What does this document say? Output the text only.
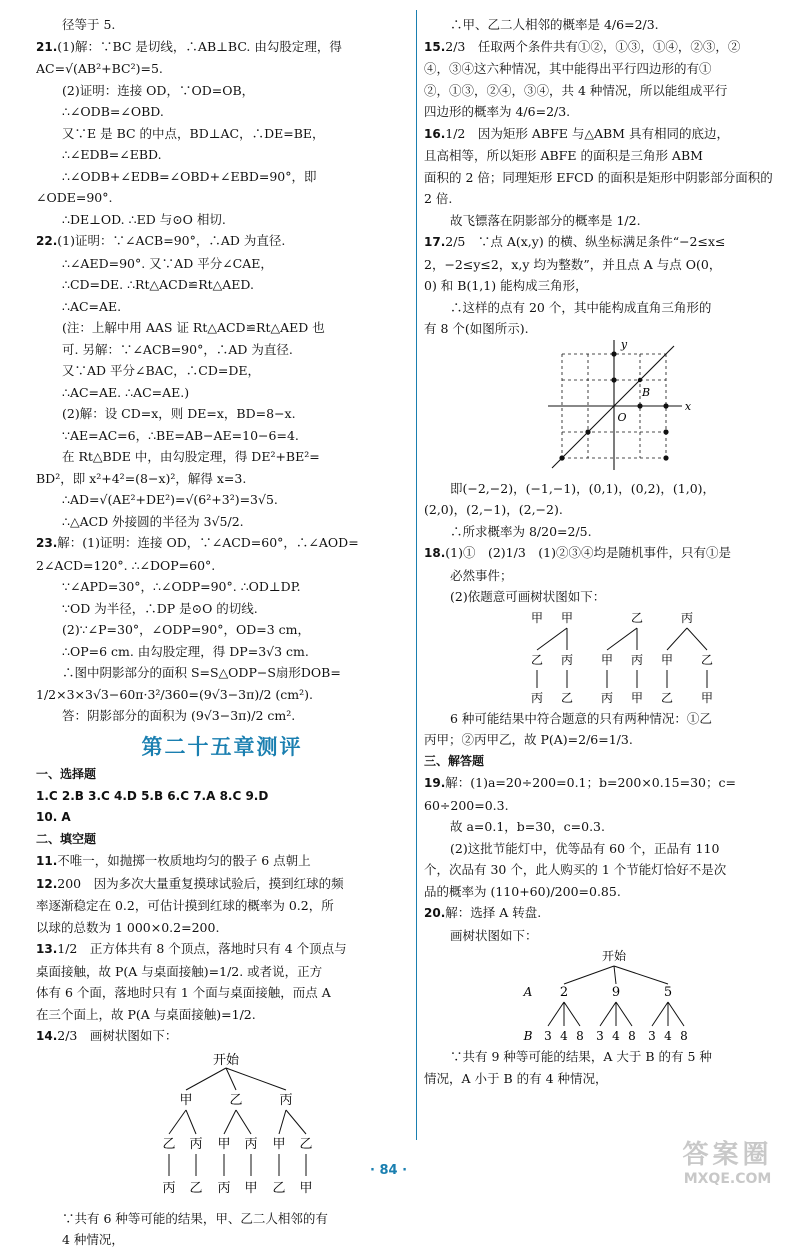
径等于 5.
21.(1)解：∵BC 是切线，∴AB⊥BC. 由勾股定理，得
AC=√(AB²+BC²)=5.
(2)证明：连接 OD，∵OD=OB，
∴∠ODB=∠OBD.
又∵E 是 BC 的中点，BD⊥AC，∴DE=BE，
∴∠EDB=∠EBD.
∴∠ODB+∠EDB=∠OBD+∠EBD=90°，即
∠ODE=90°.
∴DE⊥OD. ∴ED 与⊙O 相切.
22.(1)证明：∵∠ACB=90°，∴AD 为直径.
∴∠AED=90°. 又∵AD 平分∠CAE，
∴CD=DE. ∴Rt△ACD≌Rt△AED.
∴AC=AE.
(注：上解中用 AAS 证 Rt△ACD≌Rt△AED 也
可. 另解：∵∠ACB=90°，∴AD 为直径.
又∵AD 平分∠BAC，∴CD=DE，
∴AC=AE. ∴AC=AE.)
(2)解：设 CD=x，则 DE=x，BD=8−x.
∵AE=AC=6，∴BE=AB−AE=10−6=4.
在 Rt△BDE 中，由勾股定理，得 DE²+BE²=
BD²，即 x²+4²=(8−x)²，解得 x=3.
∴AD=√(AE²+DE²)=√(6²+3²)=3√5.
∴△ACD 外接圆的半径为 3√5/2.
23.解：(1)证明：连接 OD，∵∠ACD=60°，∴∠AOD=
2∠ACD=120°. ∴∠DOP=60°.
∵∠APD=30°，∴∠ODP=90°. ∴OD⊥DP.
∵OD 为半径，∴DP 是⊙O 的切线.
(2)∵∠P=30°，∠ODP=90°，OD=3 cm，
∴OP=6 cm. 由勾股定理，得 DP=3√3 cm.
∴图中阴影部分的面积 S=S△ODP−S扇形DOB=
1/2×3×3√3−60π·3²/360=(9√3−3π)/2 (cm²).
答：阴影部分的面积为 (9√3−3π)/2 cm².
第二十五章测评
一、选择题
1.C 2.B 3.C 4.D 5.B 6.C 7.A 8.C 9.D
10. A
二、填空题
11.不唯一，如抛掷一枚质地均匀的骰子 6 点朝上
12.200　因为多次大量重复摸球试验后，摸到红球的频
率逐渐稳定在 0.2，可估计摸到红球的概率为 0.2，所
以球的总数为 1 000×0.2=200.
13.1/2　正方体共有 8 个顶点，落地时只有 4 个顶点与
桌面接触，故 P(A 与桌面接触)=1/2. 或者说，正方
体有 6 个面，落地时只有 1 个面与桌面接触，而点 A
在三个面上，故 P(A 与桌面接触)=1/2.
14.2/3　画树状图如下：
开始
甲	乙	丙
乙
丙
丙
乙
甲
丙
丙
甲
甲
乙
乙
甲
∵共有 6 种等可能的结果，甲、乙二人相邻的有
4 种情况，
∴甲、乙二人相邻的概率是 4/6=2/3.
15.2/3　任取两个条件共有①②，①③，①④，②③，②
④，③④这六种情况，其中能得出平行四边形的有①
②，①③，②④，③④，共 4 种情况，所以能组成平行
四边形的概率为 4/6=2/3.
16.1/2　因为矩形 ABFE 与△ABM 具有相同的底边，
且高相等，所以矩形 ABFE 的面积是三角形 ABM
面积的 2 倍；同理矩形 EFCD 的面积是矩形中阴影部分面积的
2 倍.
故飞镖落在阴影部分的概率是 1/2.
17.2/5　∵点 A(x,y) 的横、纵坐标满足条件“−2≤x≤
2，−2≤y≤2，x,y 均为整数”，并且点 A 与点 O(0，
0) 和 B(1,1) 能构成三角形，
∴这样的点有 20 个，其中能构成直角三角形的
有 8 个(如图所示).
y
x
O
B
即(−2,−2)，(−1,−1)，(0,1)，(0,2)，(1,0)，
(2,0)，(2,−1)，(2,−2).
∴所求概率为 8/20=2/5.
18.(1)①　(2)1/3　(1)②③④均是随机事件，只有①是
必然事件；
(2)依题意可画树状图如下：
甲 甲	乙	丙
乙
丙
丙
乙
甲
丙
丙
甲
甲
乙
乙
甲
6 种可能结果中符合题意的只有两种情况：①乙
丙甲；②丙甲乙，故 P(A)=2/6=1/3.
三、解答题
19.解：(1)a=20÷200=0.1；b=200×0.15=30；c=
60÷200=0.3.
故 a=0.1，b=30，c=0.3.
(2)这批节能灯中，优等品有 60 个，正品有 110
个，次品有 30 个，此人购买的 1 个节能灯恰好不是次
品的概率为 (110+60)/200=0.85.
20.解：选择 A 转盘.
画树状图如下：
开始
A 2	9	5
B 3 4 8 3 4 8 3 4 8
∵共有 9 种等可能的结果，A 大于 B 的有 5 种
情况，A 小于 B 的有 4 种情况，
· 84 ·
答案圈
MXQE.COM
